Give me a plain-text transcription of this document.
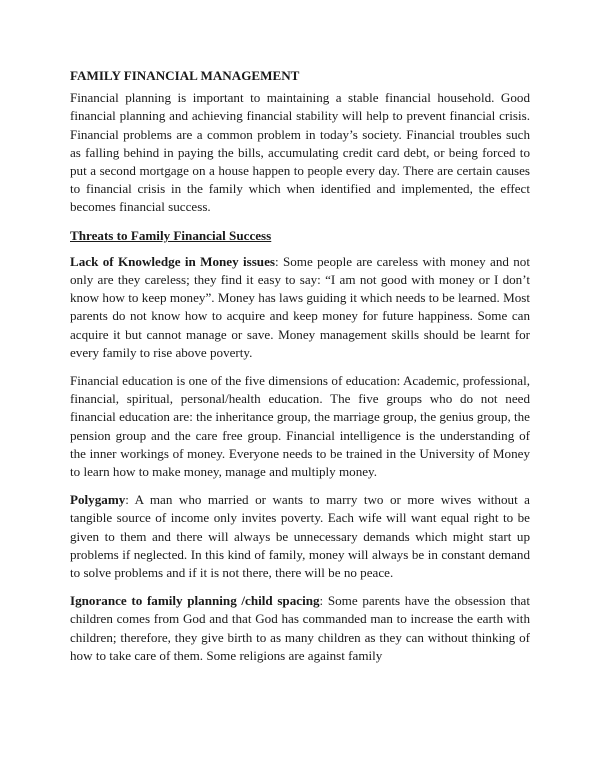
FAMILY FINANCIAL MANAGEMENT

Financial planning is important to maintaining a stable financial household. Good financial planning and achieving financial stability will help to prevent financial crisis. Financial problems are a common problem in today’s society. Financial troubles such as falling behind in paying the bills, accumulating credit card debt, or being forced to put a second mortgage on a house happen to people every day. There are certain causes to financial crisis in the family which when identified and implemented, the effect becomes financial success.

Threats to Family Financial Success

Lack of Knowledge in Money issues: Some people are careless with money and not only are they careless; they find it easy to say: “I am not good with money or I don’t know how to keep money”. Money has laws guiding it which needs to be learned. Most parents do not know how to acquire and keep money for future happiness. Some can acquire it but cannot manage or save. Money management skills should be learnt for every family to rise above poverty.

Financial education is one of the five dimensions of education: Academic, professional, financial, spiritual, personal/health education. The five groups who do not need financial education are: the inheritance group, the marriage group, the genius group, the pension group and the care free group. Financial intelligence is the understanding of the inner workings of money. Everyone needs to be trained in the University of Money to learn how to make money, manage and multiply money.

Polygamy: A man who married or wants to marry two or more wives without a tangible source of income only invites poverty. Each wife will want equal right to be given to them and there will always be unnecessary demands which might start up problems if neglected. In this kind of family, money will always be in constant demand to solve problems and if it is not there, there will be no peace.

Ignorance to family planning /child spacing: Some parents have the obsession that children comes from God and that God has commanded man to increase the earth with children; therefore, they give birth to as many children as they can without thinking of how to take care of them. Some religions are against family
